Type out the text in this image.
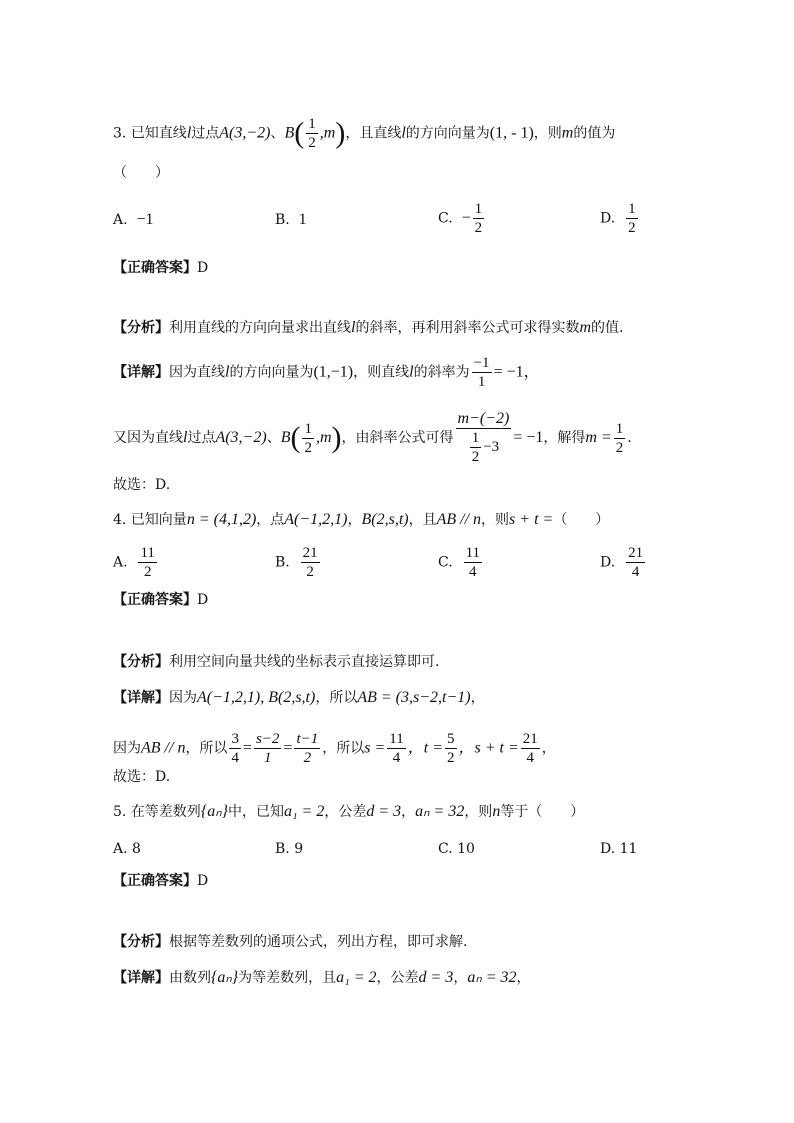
3. 已知直线l过点A(3,−2)、$B( \frac{1}{2} ,m)$，且直线l的方向向量为(1, - 1)，则m的值为
（　　）
A. −1	B. 1	C. − $\frac{1}{2}$	D. $\frac{1}{2}$
【正确答案】D
【分析】利用直线的方向向量求出直线l的斜率，再利用斜率公式可求得实数m的值.
【详解】因为直线l的方向向量为(1,−1)，则直线l的斜率为 $\frac{-1}{1} = -1$，
又因为直线l过点A(3,−2)、$B( \frac{1}{2} ,m)$，由斜率公式可得 $\frac{m-(-2)}{\frac{1}{2} -3} = -1$，解得$m = \frac{1}{2}$ .
故选：D.
4. 已知向量n = (4,1,2)，点A(−1,2,1)，B(2,s,t)，且AB // n，则s + t =（　　）
A. $\frac{11}{2}$	B. $\frac{21}{2}$	C. $\frac{11}{4}$	D. $\frac{21}{4}$
【正确答案】D
【分析】利用空间向量共线的坐标表示直接运算即可.
【详解】因为A(−1,2,1), B(2,s,t)，所以AB = (3,s−2,t−1)，
因为AB // n，所以 $\frac{3}{4} = \frac{s-2}{1} = \frac{t-1}{2}$ ，所以$s = \frac{11}{4}$ ，$t = \frac{5}{2}$ ，$s + t = \frac{21}{4}$ ，
故选：D.
5. 在等差数列{aₙ}中，已知a₁ = 2，公差d = 3，aₙ = 32，则n等于（　　）
A. 8	B. 9	C. 10	D. 11
【正确答案】D
【分析】根据等差数列的通项公式，列出方程，即可求解.
【详解】由数列{aₙ}为等差数列，且a₁ = 2，公差d = 3，aₙ = 32，
